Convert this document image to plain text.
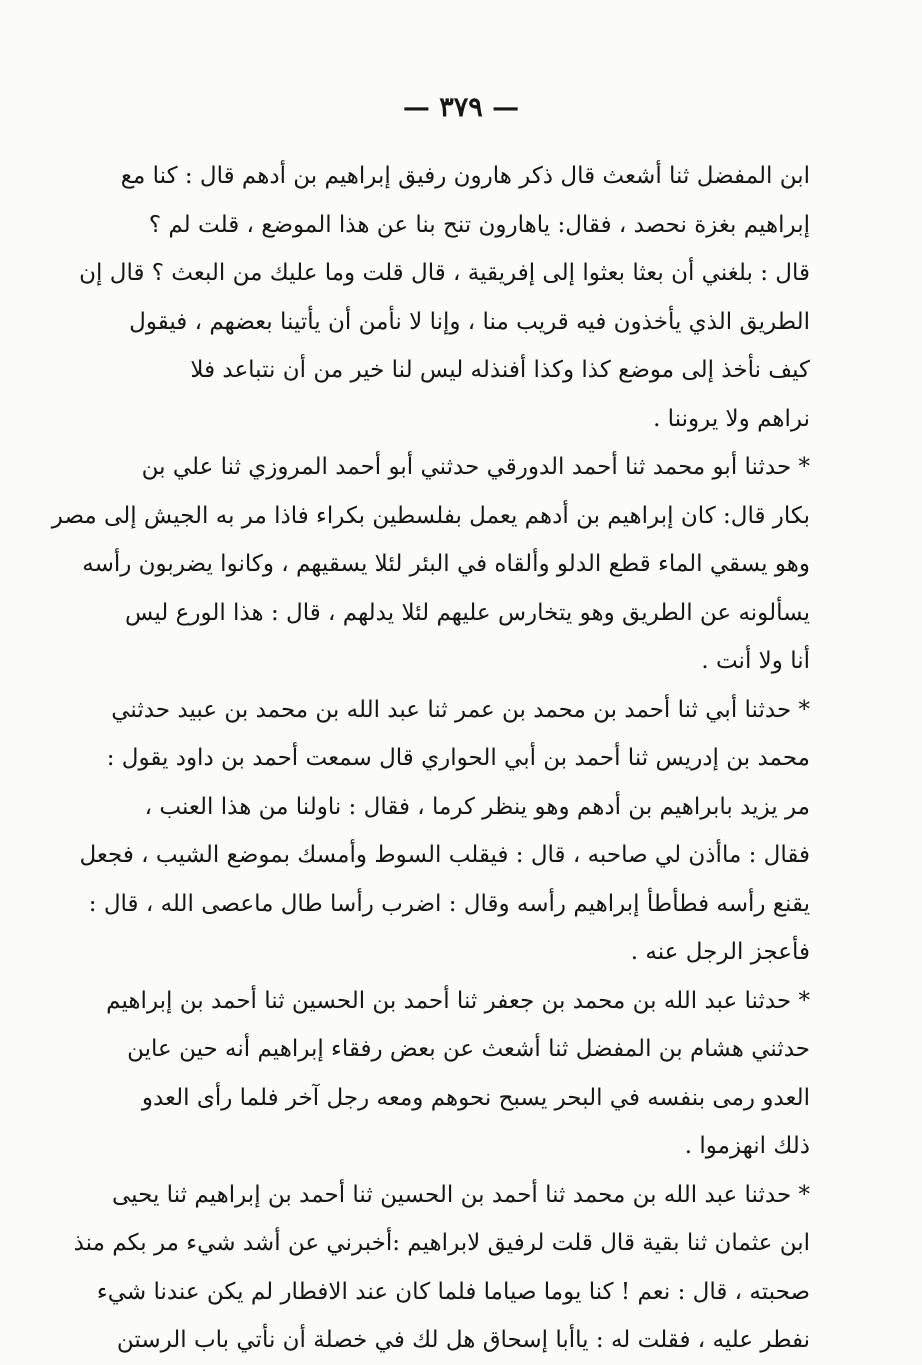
— ٣٧٩ —
ابن المفضل ثنا أشعث قال ذكر هارون رفيق إبراهيم بن أدهم قال : كنا مع
إبراهيم بغزة نحصد ، فقال: ياهارون تنح بنا عن هذا الموضع ، قلت لم ؟
قال : بلغني أن بعثا بعثوا إلى إفريقية ، قال قلت وما عليك من البعث ؟ قال إن
الطريق الذي يأخذون فيه قريب منا ، وإنا لا نأمن أن يأتينا بعضهم ، فيقول
كيف نأخذ إلى موضع كذا وكذا أفنذله ليس لنا خير من أن نتباعد فلا
نراهم ولا يروننا .
* حدثنا أبو محمد ثنا أحمد الدورقي حدثني أبو أحمد المروزي ثنا علي بن
بكار قال: كان إبراهيم بن أدهم يعمل بفلسطين بكراء فاذا مر به الجيش إلى مصر
وهو يسقي الماء قطع الدلو وألقاه في البئر لئلا يسقيهم ، وكانوا يضربون رأسه
يسألونه عن الطريق وهو يتخارس عليهم لئلا يدلهم ، قال : هذا الورع ليس
أنا ولا أنت .
* حدثنا أبي ثنا أحمد بن محمد بن عمر ثنا عبد الله بن محمد بن عبيد حدثني
محمد بن إدريس ثنا أحمد بن أبي الحواري قال سمعت أحمد بن داود يقول :
مر يزيد بابراهيم بن أدهم وهو ينظر كرما ، فقال : ناولنا من هذا العنب ،
فقال : ماأذن لي صاحبه ، قال : فيقلب السوط وأمسك بموضع الشيب ، فجعل
يقنع رأسه فطأطأ إبراهيم رأسه وقال : اضرب رأسا طال ماعصى الله ، قال :
فأعجز الرجل عنه .
* حدثنا عبد الله بن محمد بن جعفر ثنا أحمد بن الحسين ثنا أحمد بن إبراهيم
حدثني هشام بن المفضل ثنا أشعث عن بعض رفقاء إبراهيم أنه حين عاين
العدو رمى بنفسه في البحر يسبح نحوهم ومعه رجل آخر فلما رأى العدو
ذلك انهزموا .
* حدثنا عبد الله بن محمد ثنا أحمد بن الحسين ثنا أحمد بن إبراهيم ثنا يحيى
ابن عثمان ثنا بقية قال قلت لرفيق لابراهيم :أخبرني عن أشد شيء مر بكم منذ
صحبته ، قال : نعم ! كنا يوما صياما فلما كان عند الافطار لم يكن عندنا شيء
نفطر عليه ، فقلت له : ياأبا إسحاق هل لك في خصلة أن نأتي باب الرستن
